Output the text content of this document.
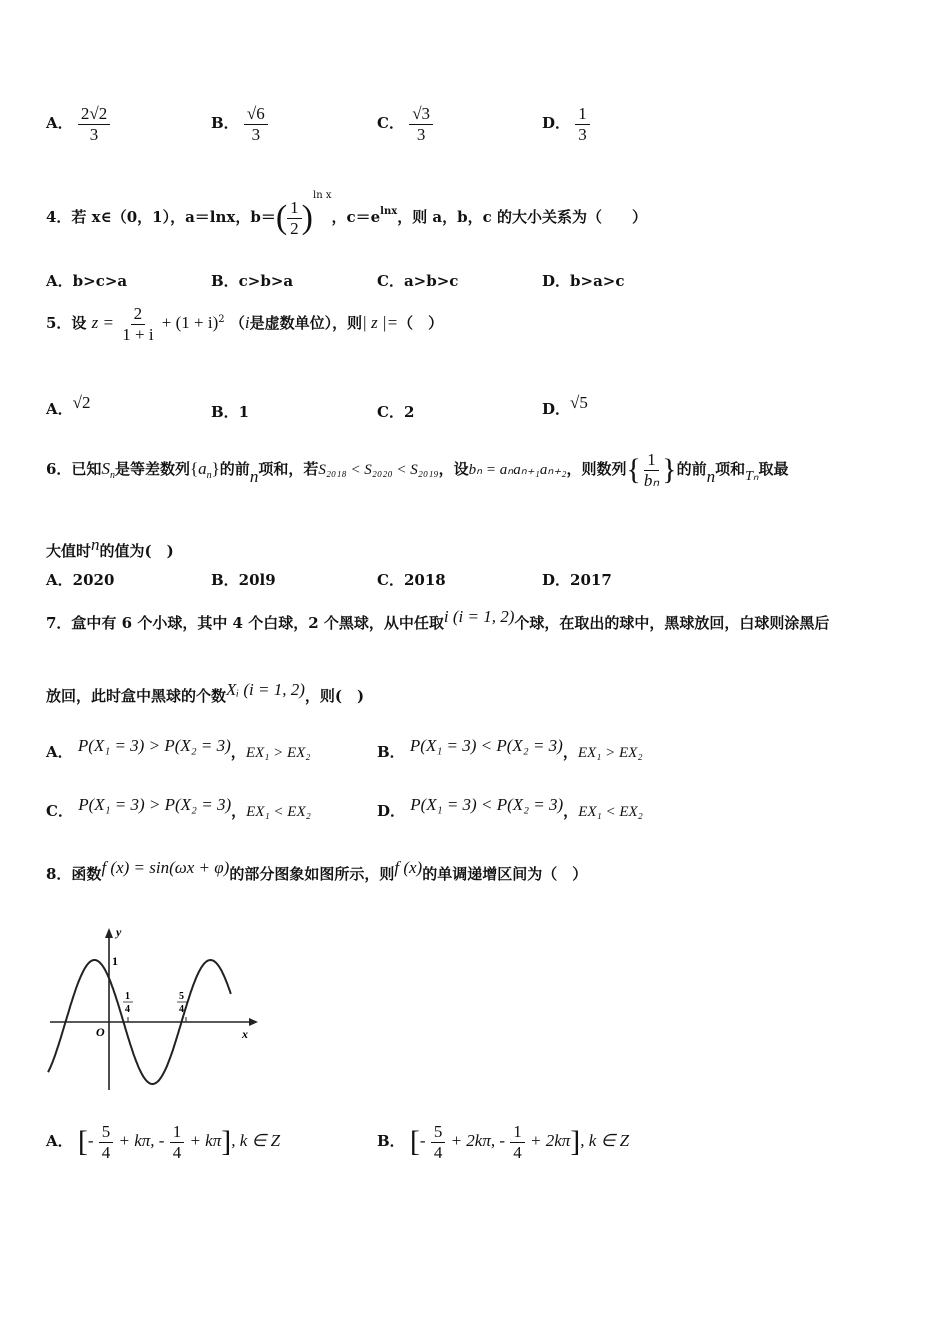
A． $\frac{2√2}{3}$	B． $\frac{√6}{3}$	C． $\frac{√3}{3}$	D． $\frac{1}{3}$
4．若 x∈（0，1），a＝lnx，$b=( \frac{1}{2} )^{ln x}$，$c=e^{lnx}$，则 a，b，c 的大小关系为（　　）
A．b>c>a	B．c>b>a	C．a>b>c	D．b>a>c
5．设 $z = \frac{2}{1 + i} + (1 + i)^2$ （i是虚数单位），则| z |=（　）
A．√2	B．1	C．2	D．√5
6．已知$S_n$是等差数列$\{a_n\}$的前n项和，若S₂₀₁₈ < S₂₀₂₀ < S₂₀₁₉，设bₙ = aₙaₙ₊₁aₙ₊₂，则数列{ $\frac{1}{\text{bₙ}}$ }的前n项和Tₙ取最
大值时n的值为(　)
A．2020	B．20l9	C．2018	D．2017
7．盒中有 6 个小球，其中 4 个白球，2 个黑球，从中任取i (i = 1, 2)个球，在取出的球中，黑球放回，白球则涂黑后
放回，此时盒中黑球的个数Xᵢ (i = 1, 2)，则(　)
A． P(X₁ = 3) > P(X₂ = 3)，EX₁ > EX₂	B． P(X₁ = 3) < P(X₂ = 3)，EX₁ > EX₂
C． P(X₁ = 3) > P(X₂ = 3)，EX₁ < EX₂	D． P(X₁ = 3) < P(X₂ = 3)，EX₁ < EX₂
8．函数f (x) = sin(ωx + φ)的部分图象如图所示，则f (x)的单调递增区间为（　）
y
x
O
1
1
4
5
4
A． [- $\frac{5}{4} + k\pi$, - $\frac{1}{4} + k\pi$], k ∈ Z	B． [- $\frac{5}{4} + 2k\pi$, - $\frac{1}{4} + 2k\pi$], k ∈ Z
